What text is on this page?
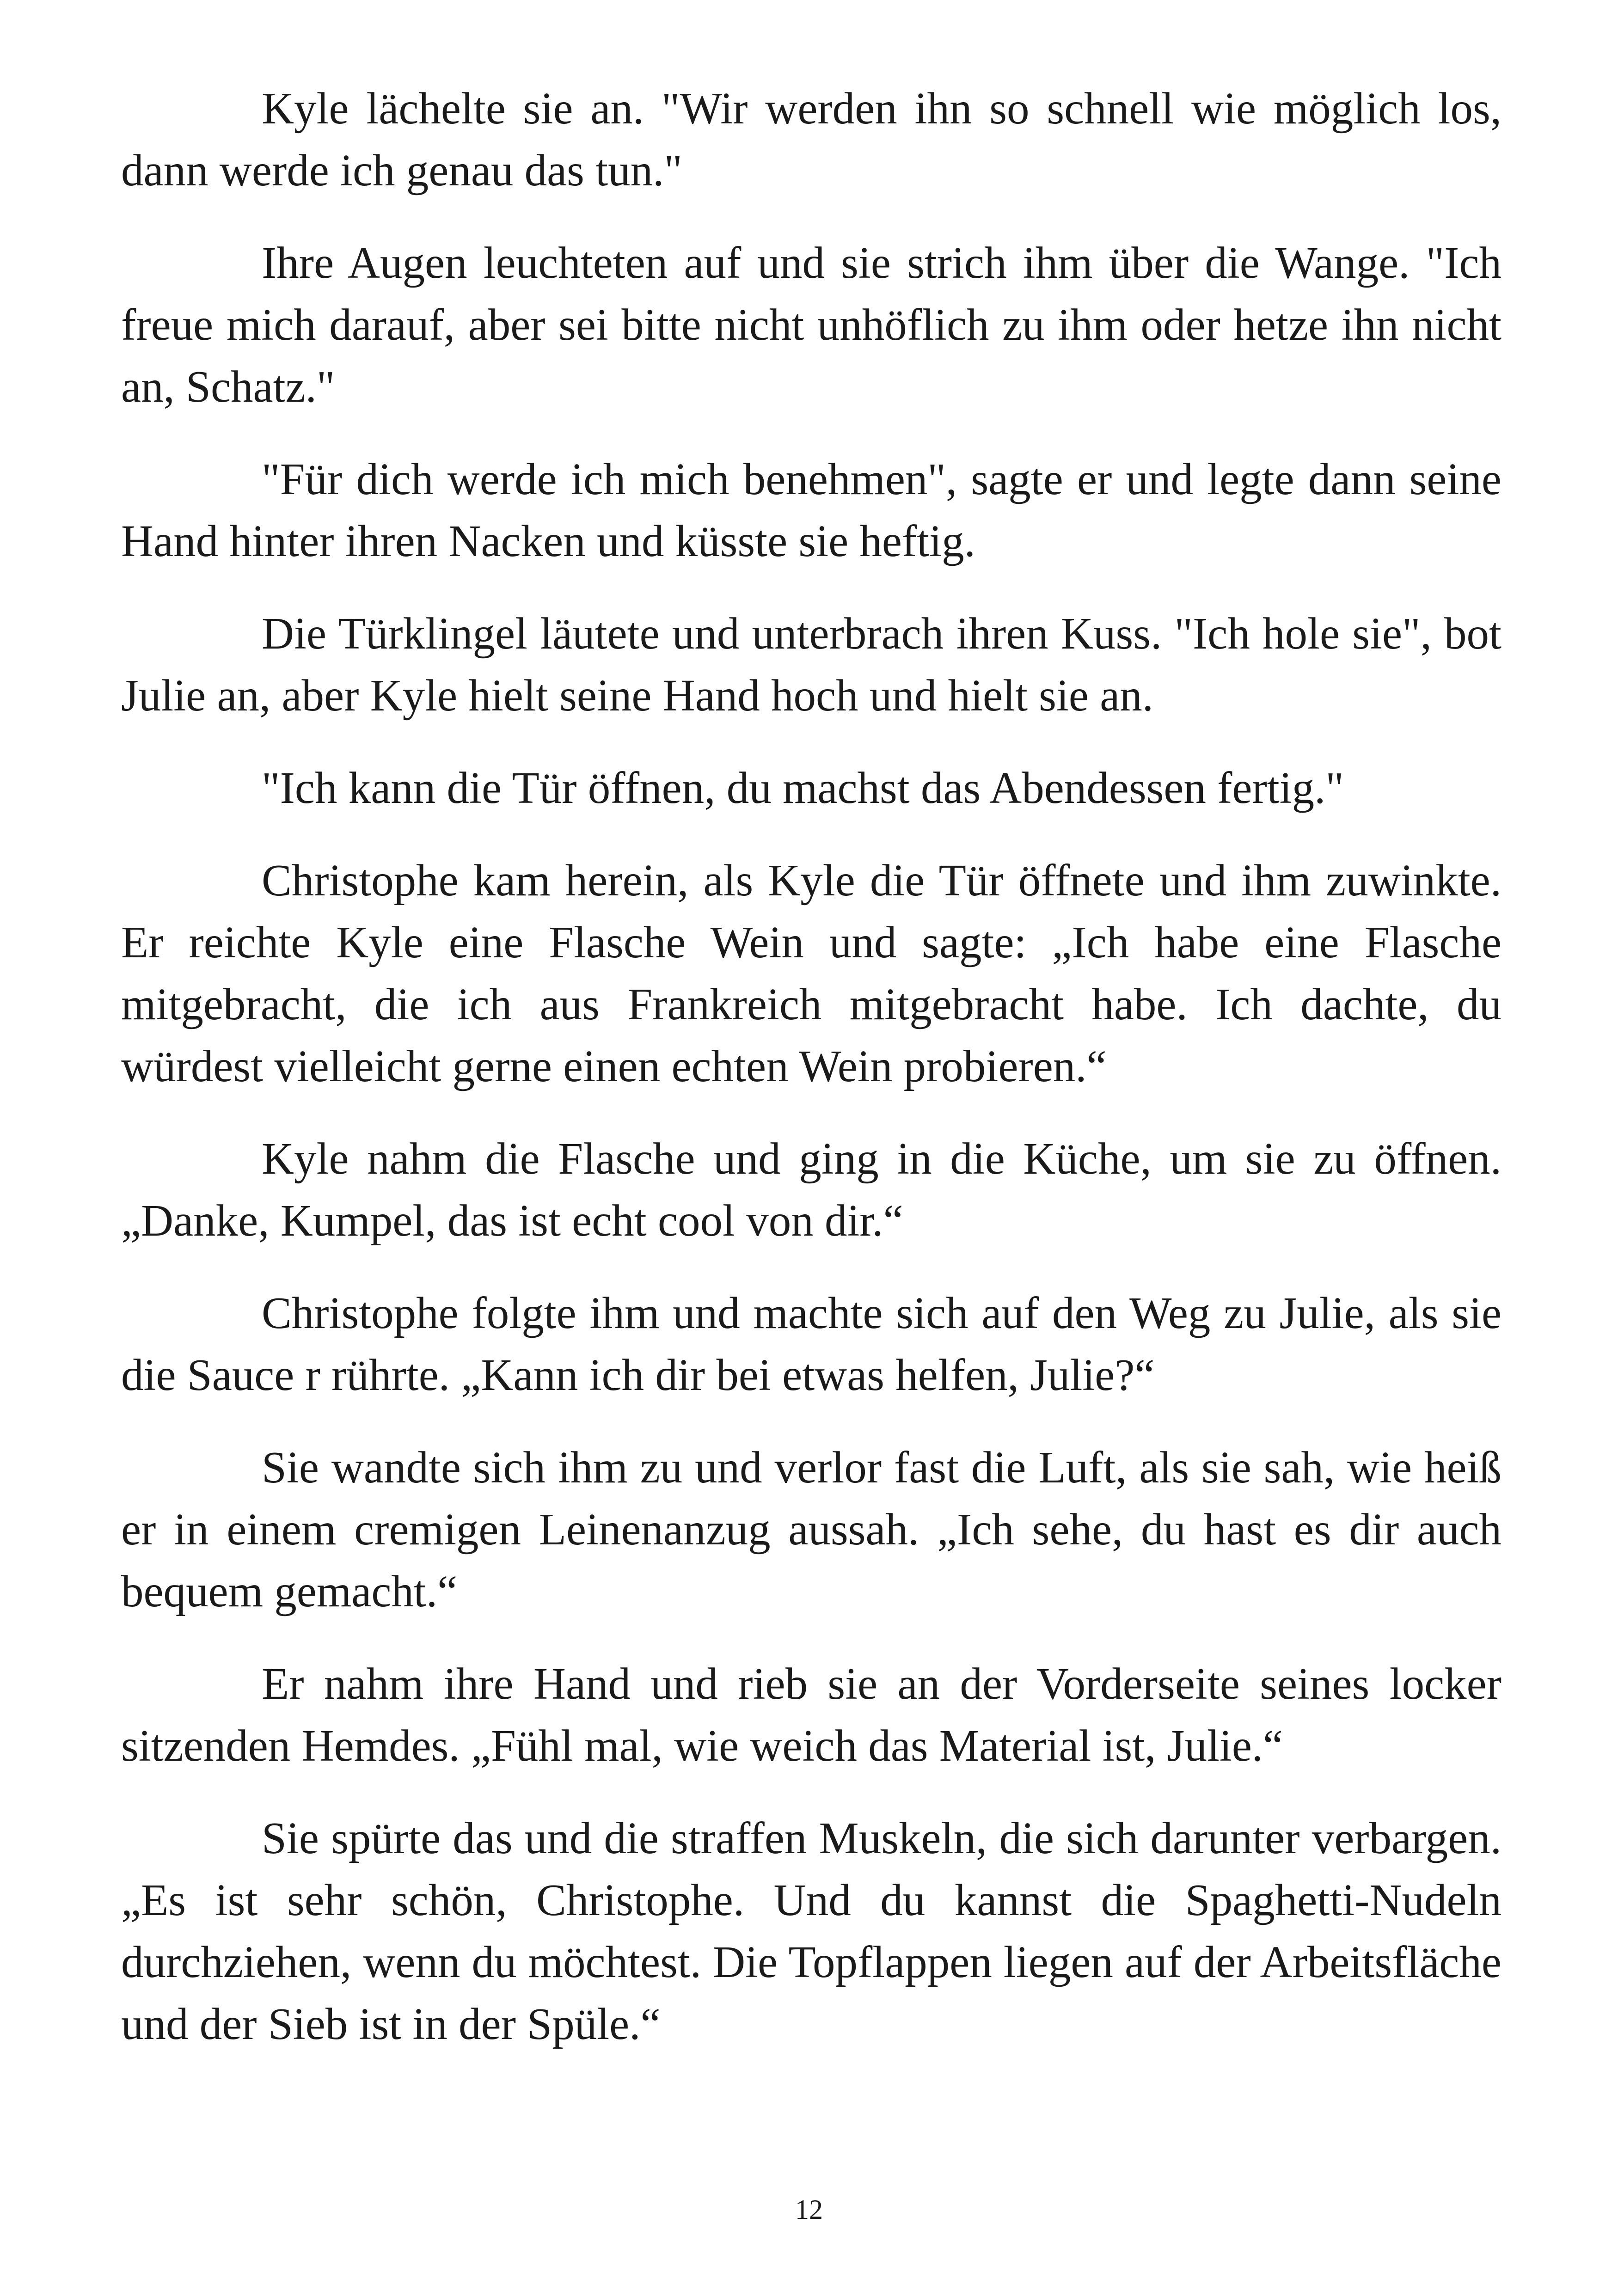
Kyle lächelte sie an. "Wir werden ihn so schnell wie möglich los, dann werde ich genau das tun."

Ihre Augen leuchteten auf und sie strich ihm über die Wange. "Ich freue mich darauf, aber sei bitte nicht unhöflich zu ihm oder hetze ihn nicht an, Schatz."

"Für dich werde ich mich benehmen", sagte er und legte dann seine Hand hinter ihren Nacken und küsste sie heftig.

Die Türklingel läutete und unterbrach ihren Kuss. "Ich hole sie", bot Julie an, aber Kyle hielt seine Hand hoch und hielt sie an.

"Ich kann die Tür öffnen, du machst das Abendessen fertig."

Christophe kam herein, als Kyle die Tür öffnete und ihm zuwinkte. Er reichte Kyle eine Flasche Wein und sagte: „Ich habe eine Flasche mitgebracht, die ich aus Frankreich mitgebracht habe. Ich dachte, du würdest vielleicht gerne einen echten Wein probieren.“

Kyle nahm die Flasche und ging in die Küche, um sie zu öffnen. „Danke, Kumpel, das ist echt cool von dir.“

Christophe folgte ihm und machte sich auf den Weg zu Julie, als sie die Sauce r rührte. „Kann ich dir bei etwas helfen, Julie?“

Sie wandte sich ihm zu und verlor fast die Luft, als sie sah, wie heiß er in einem cremigen Leinenanzug aussah. „Ich sehe, du hast es dir auch bequem gemacht.“

Er nahm ihre Hand und rieb sie an der Vorderseite seines locker sitzenden Hemdes. „Fühl mal, wie weich das Material ist, Julie.“

Sie spürte das und die straffen Muskeln, die sich darunter verbargen. „Es ist sehr schön, Christophe. Und du kannst die Spaghetti-Nudeln durchziehen, wenn du möchtest. Die Topflappen liegen auf der Arbeitsfläche und der Sieb ist in der Spüle.“

12
